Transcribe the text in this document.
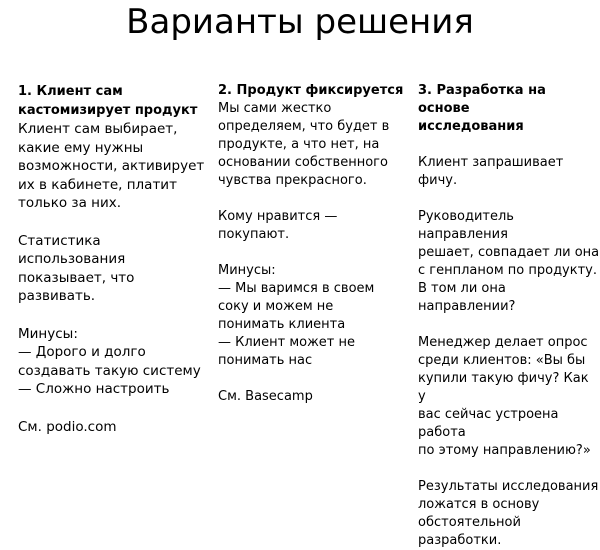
Варианты решения

1. Клиент сам
кастомизирует продукт

Клиент сам выбирает,
какие ему нужны
возможности, активирует
их в кабинете, платит
только за них.

Статистика
использования
показывает, что
развивать.

Минусы:
— Дорого и долго
создавать такую систему
— Сложно настроить

См. podio.com

2. Продукт фиксируется

Мы сами жестко
определяем, что будет в
продукте, а что нет, на
основании собственного
чувства прекрасного.

Кому нравится —
покупают.

Минусы:
— Мы варимся в своем
соку и можем не
понимать клиента
— Клиент может не
понимать нас

См. Basecamp

3. Разработка на основе
исследования

Клиент запрашивает фичу.

Руководитель направления
решает, совпадает ли она
с генпланом по продукту.
В том ли она направлении?

Менеджер делает опрос
среди клиентов: «Вы бы
купили такую фичу? Как у
вас сейчас устроена работа
по этому направлению?»

Результаты исследования
ложатся в основу
обстоятельной разработки.
